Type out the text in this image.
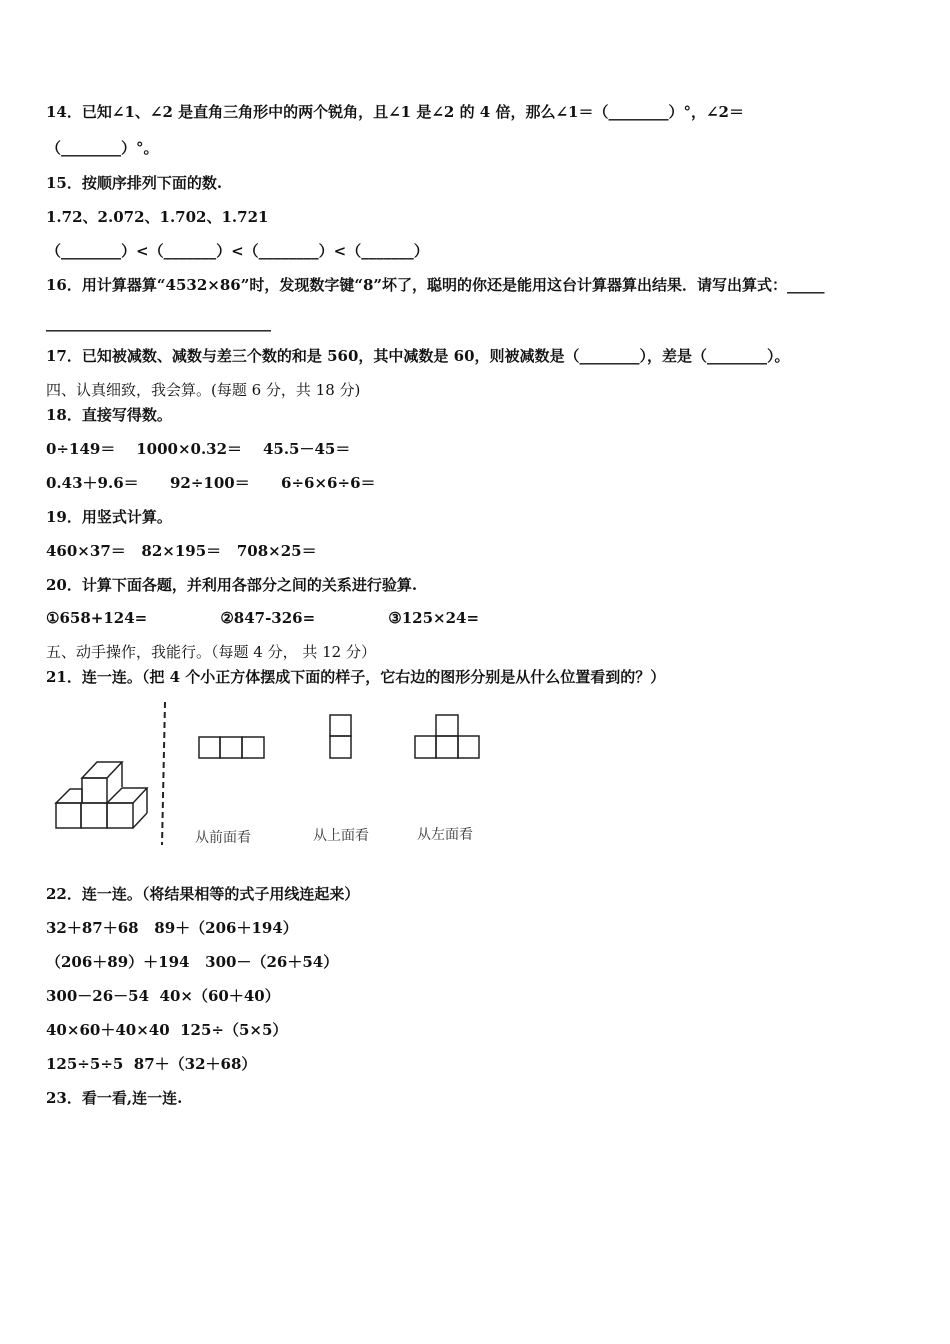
14．已知∠1、∠2 是直角三角形中的两个锐角，且∠1 是∠2 的 4 倍，那么∠1＝（________）°，∠2＝
（________）°。
15．按顺序排列下面的数.
1.72、2.072、1.702、1.721
（________）<（_______）<（________）<（_______）
16．用计算器算“4532×86”时，发现数字键“8”坏了，聪明的你还是能用这台计算器算出结果．请写出算式：_____
______________________________
17．已知被减数、减数与差三个数的和是 560，其中减数是 60，则被减数是（________），差是（________）。
四、认真细致，我会算。(每题 6 分，共 18 分)
18．直接写得数。
0÷149＝    1000×0.32＝    45.5－45＝
0.43＋9.6＝      92÷100＝      6÷6×6÷6＝
19．用竖式计算。
460×37＝   82×195＝   708×25＝
20．计算下面各题，并利用各部分之间的关系进行验算.
①658+124=              ②847-326=              ③125×24=
五、动手操作，我能行。（每题 4 分， 共 12 分）
21．连一连。（把 4 个小正方体摆成下面的样子，它右边的图形分别是从什么位置看到的？）
从前面看	从上面看	从左面看
22．连一连。（将结果相等的式子用线连起来）
32＋87＋68   89＋（206＋194）
（206＋89）＋194   300－（26＋54）
300－26－54  40×（60＋40）
40×60＋40×40  125÷（5×5）
125÷5÷5  87＋（32＋68）
23．看一看,连一连.
